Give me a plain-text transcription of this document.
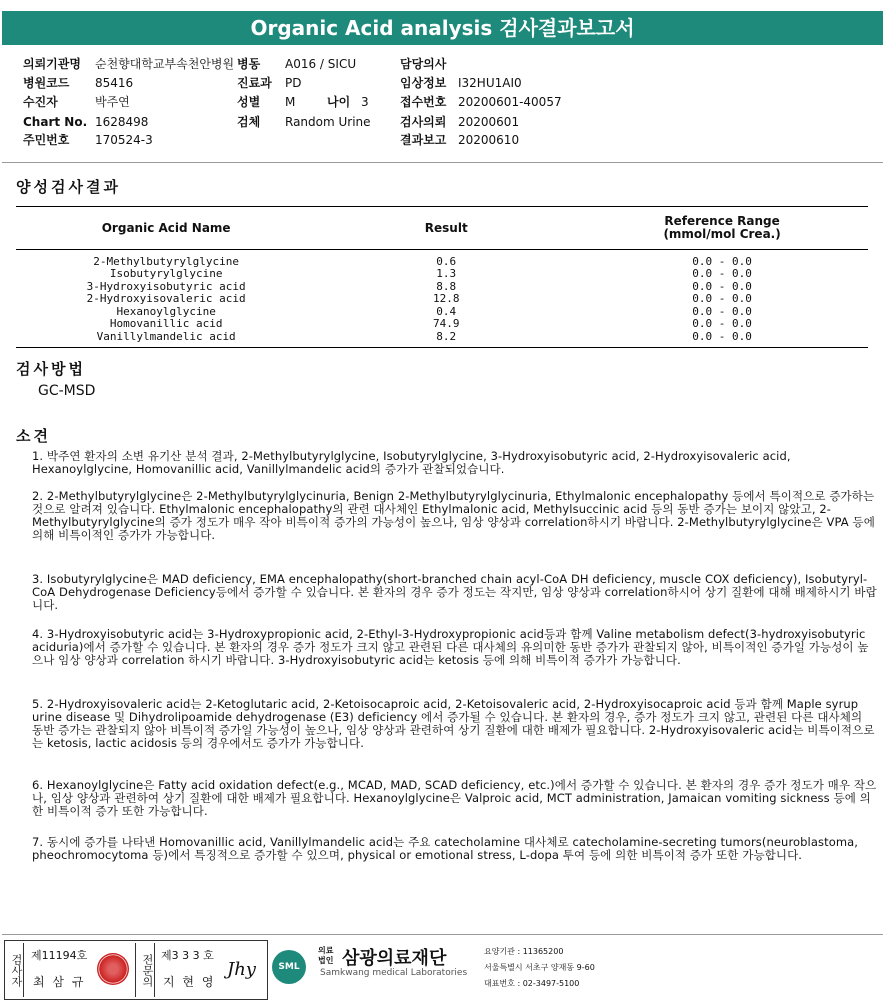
Organic Acid analysis 검사결과보고서
의뢰기관명 순천향대학교부속천안병원
병원코드 85416
수진자	박주연
Chart No. 1628498
주민번호 170524-3
병동 A016 / SICU
진료과 PD
성별 M	나이 3
검체 Random Urine
담당의사
임상정보 I32HU1AI0
접수번호 20200601-40057
검사의뢰 20200601
결과보고 20200610
양성검사결과
Organic Acid Name	Result	Reference Range
(mmol/mol Crea.)

2-Methylbutyrylglycine	0.6	0.0 - 0.0
Isobutyrylglycine	1.3	0.0 - 0.0
3-Hydroxyisobutyric acid	8.8	0.0 - 0.0
2-Hydroxyisovaleric acid	12.8	0.0 - 0.0
Hexanoylglycine	0.4	0.0 - 0.0
Homovanillic acid	74.9	0.0 - 0.0
Vanillylmandelic acid	8.2	0.0 - 0.0
검사방법
GC-MSD
소견
1. 박주연 환자의 소변 유기산 분석 결과, 2-Methylbutyrylglycine, Isobutyrylglycine, 3-Hydroxyisobutyric acid, 2-Hydroxyisovaleric acid, Hexanoylglycine, Homovanillic acid, Vanillylmandelic acid의 증가가 관찰되었습니다.
2. 2-Methylbutyrylglycine은 2-Methylbutyrylglycinuria, Benign 2-Methylbutyrylglycinuria, Ethylmalonic encephalopathy 등에서 특이적으로 증가하는 것으로 알려져 있습니다. Ethylmalonic encephalopathy의 관련 대사체인 Ethylmalonic acid, Methylsuccinic acid 등의 동반 증가는 보이지 않았고, 2-Methylbutyrylglycine의 증가 정도가 매우 작아 비특이적 증가의 가능성이 높으나, 임상 양상과 correlation하시기 바랍니다. 2-Methylbutyrylglycine은 VPA 등에 의해 비특이적인 증가가 가능합니다.
3. Isobutyrylglycine은 MAD deficiency, EMA encephalopathy(short-branched chain acyl-CoA DH deficiency, muscle COX deficiency), Isobutyryl-CoA Dehydrogenase Deficiency등에서 증가할 수 있습니다. 본 환자의 경우 증가 정도는 작지만, 임상 양상과 correlation하시어 상기 질환에 대해 배제하시기 바랍니다.
4. 3-Hydroxyisobutyric acid는 3-Hydroxypropionic acid, 2-Ethyl-3-Hydroxypropionic acid등과 함께 Valine metabolism defect(3-hydroxyisobutyric aciduria)에서 증가할 수 있습니다. 본 환자의 경우 증가 정도가 크지 않고 관련된 다른 대사체의 유의미한 동반 증가가 관찰되지 않아, 비특이적인 증가일 가능성이 높으나 임상 양상과 correlation 하시기 바랍니다. 3-Hydroxyisobutyric acid는 ketosis 등에 의해 비특이적 증가가 가능합니다.
5. 2-Hydroxyisovaleric acid는 2-Ketoglutaric acid, 2-Ketoisocaproic acid, 2-Ketoisovaleric acid, 2-Hydroxyisocaproic acid 등과 함께 Maple syrup urine disease 및 Dihydrolipoamide dehydrogenase (E3) deficiency 에서 증가될 수 있습니다. 본 환자의 경우, 증가 정도가 크지 않고, 관련된 다른 대사체의 동반 증가는 관찰되지 않아 비특이적 증가일 가능성이 높으나, 임상 양상과 관련하여 상기 질환에 대한 배제가 필요합니다. 2-Hydroxyisovaleric acid는 비특이적으로는 ketosis, lactic acidosis 등의 경우에서도 증가가 가능합니다.
6. Hexanoylglycine은 Fatty acid oxidation defect(e.g., MCAD, MAD, SCAD deficiency, etc.)에서 증가할 수 있습니다. 본 환자의 경우 증가 정도가 매우 작으나, 임상 양상과 관련하여 상기 질환에 대한 배제가 필요합니다. Hexanoylglycine은 Valproic acid, MCT administration, Jamaican vomiting sickness 등에 의한 비특이적 증가 또한 가능합니다.
7. 동시에 증가를 나타낸 Homovanillic acid, Vanillylmandelic acid는 주요 catecholamine 대사체로 catecholamine-secreting tumors(neuroblastoma, pheochromocytoma 등)에서 특징적으로 증가할 수 있으며, physical or emotional stress, L-dopa 투여 등에 의한 비특이적 증가 또한 가능합니다.
검사자 제11194호
최 삼 규	전문의 제3 3 3 호
지 현 영
Jhy	SML
의료법인 삼광의료재단
Samkwang medical Laboratories
요양기관 : 11365200
서울특별시 서초구 양재동 9-60
대표번호 : 02-3497-5100
